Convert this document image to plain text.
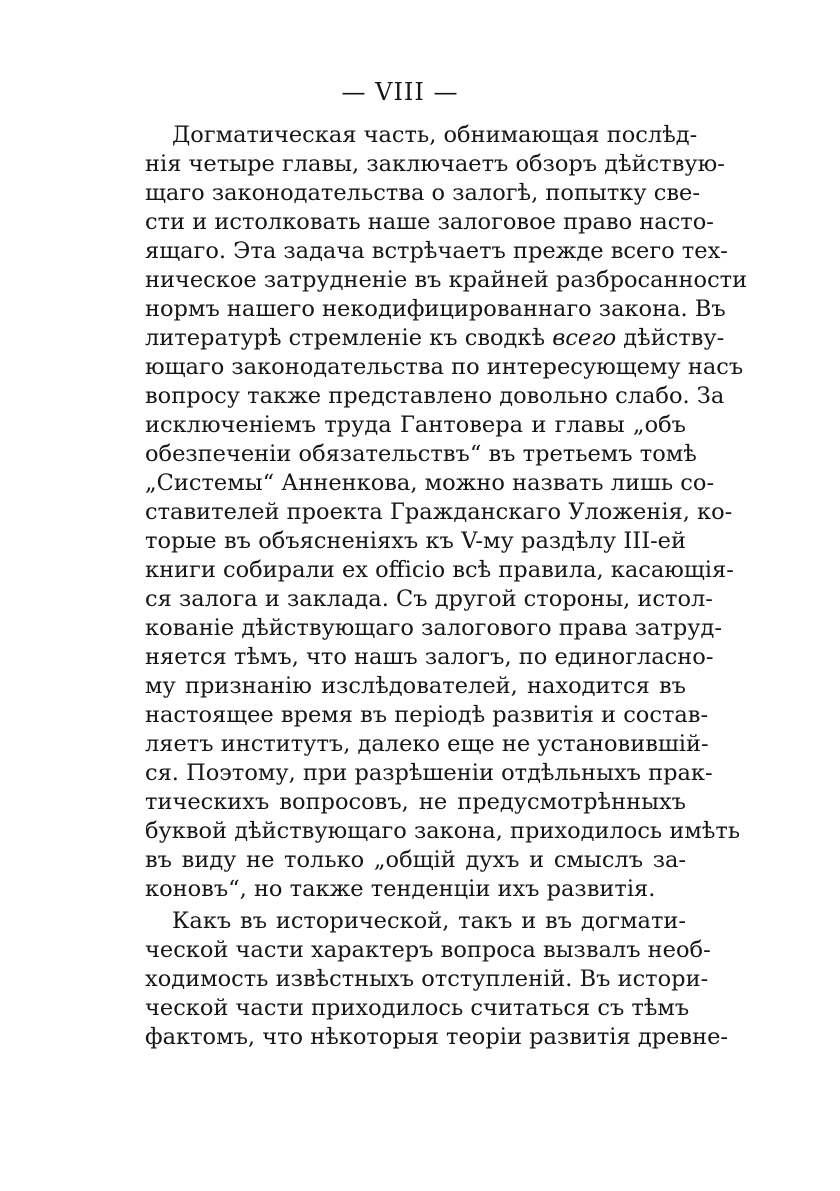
— VIII —
Догматическая часть, обнимающая послѣд-
нія четыре главы, заключаетъ обзоръ дѣйствую-
щаго законодательства о залогѣ, попытку све-
сти и истолковать наше залоговое право насто-
ящаго. Эта задача встрѣчаетъ прежде всего тех-
ническое затрудненіе въ крайней разбросанности
нормъ нашего некодифицированнаго закона. Въ
литературѣ стремленіе къ сводкѣ всего дѣйству-
ющаго законодательства по интересующему насъ
вопросу также представлено довольно слабо. За
исключеніемъ труда Гантовера и главы „объ
обезпеченіи обязательствъ“ въ третьемъ томѣ
„Системы“ Анненкова, можно назвать лишь со-
ставителей проекта Гражданскаго Уложенія, ко-
торые въ объясненіяхъ къ V-му раздѣлу III-ей
книги собирали ex officio всѣ правила, касающія-
ся залога и заклада. Съ другой стороны, истол-
кованіе дѣйствующаго залогового права затруд-
няется тѣмъ, что нашъ залогъ, по единогласно-
му признанію изслѣдователей, находится въ
настоящее время въ періодѣ развитія и состав-
ляетъ институтъ, далеко еще не установившій-
ся. Поэтому, при разрѣшеніи отдѣльныхъ прак-
тическихъ вопросовъ, не предусмотрѣнныхъ
буквой дѣйствующаго закона, приходилось имѣть
въ виду не только „общій духъ и смыслъ за-
коновъ“, но также тенденціи ихъ развитія.
Какъ въ исторической, такъ и въ догмати-
ческой части характеръ вопроса вызвалъ необ-
ходимость извѣстныхъ отступленій. Въ истори-
ческой части приходилось считаться съ тѣмъ
фактомъ, что нѣкоторыя теоріи развитія древне-
